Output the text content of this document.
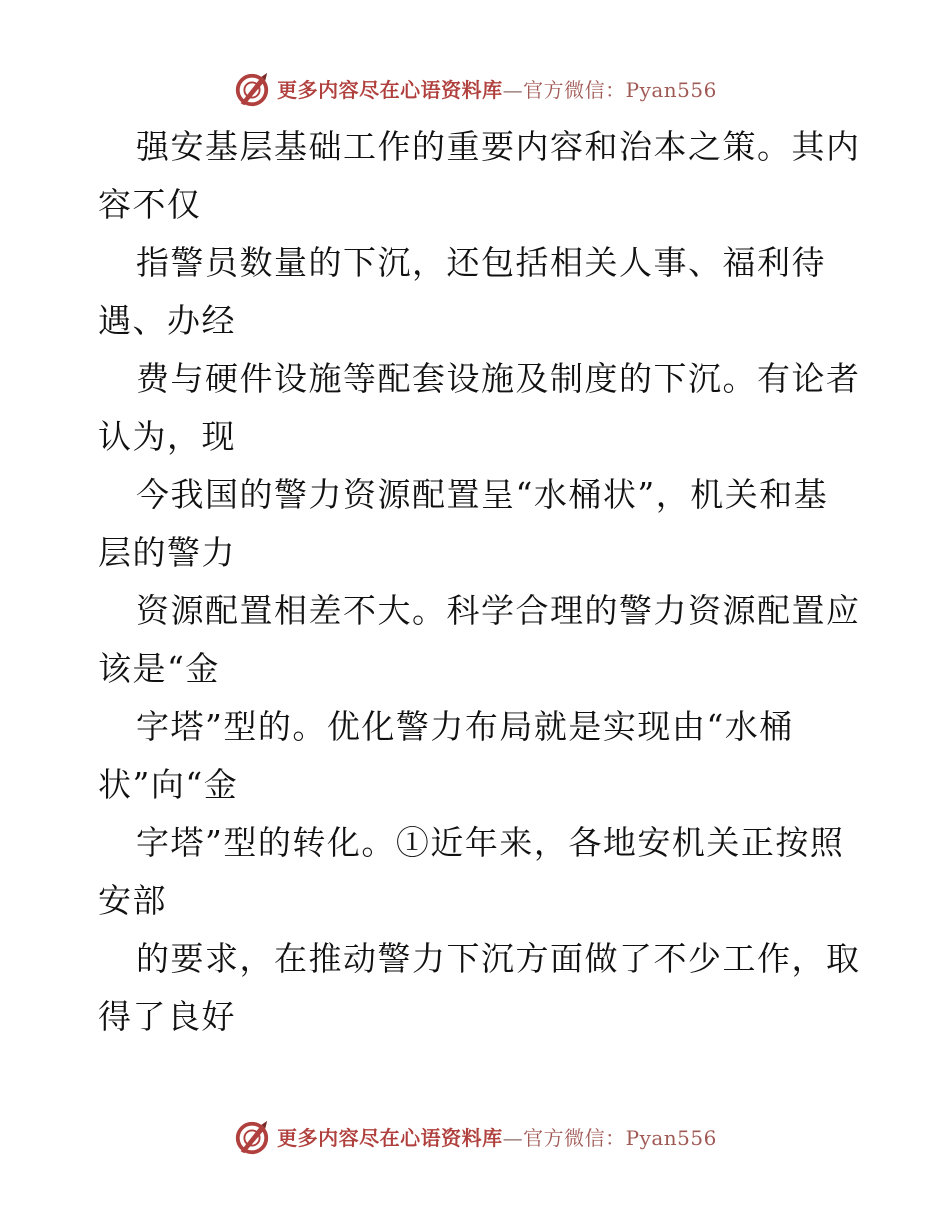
更多内容尽在心语资料库—官方微信：Pyan556
强安基层基础工作的重要内容和治本之策。其内
容不仅
指警员数量的下沉，还包括相关人事、福利待
遇、办经
费与硬件设施等配套设施及制度的下沉。有论者
认为，现
今我国的警力资源配置呈“水桶状”，机关和基
层的警力
资源配置相差不大。科学合理的警力资源配置应
该是“金
字塔”型的。优化警力布局就是实现由“水桶
状”向“金
字塔”型的转化。①近年来，各地安机关正按照
安部
的要求，在推动警力下沉方面做了不少工作，取
得了良好
更多内容尽在心语资料库—官方微信：Pyan556
